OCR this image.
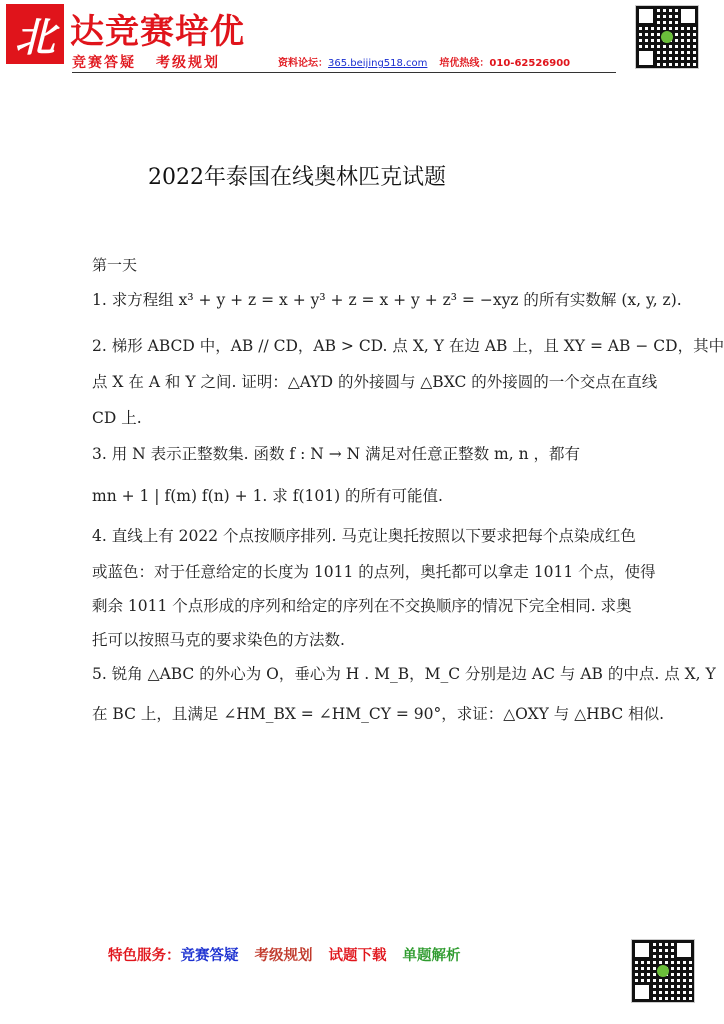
北 达竞赛培优
竞赛答疑 考级规划	资料论坛：365.beijing518.com 培优热线：010-62526900
2022年泰国在线奥林匹克试题
第一天
1. 求方程组 x³ + y + z = x + y³ + z = x + y + z³ = −xyz 的所有实数解 (x, y, z).
2. 梯形 ABCD 中，AB // CD，AB > CD. 点 X, Y 在边 AB 上，且 XY = AB − CD，其中
点 X 在 A 和 Y 之间. 证明：△AYD 的外接圆与 △BXC 的外接圆的一个交点在直线
CD 上.
3. 用 N 表示正整数集. 函数 f : N → N 满足对任意正整数 m, n ，都有
mn + 1 | f(m) f(n) + 1. 求 f(101) 的所有可能值.
4. 直线上有 2022 个点按顺序排列. 马克让奥托按照以下要求把每个点染成红色
或蓝色：对于任意给定的长度为 1011 的点列，奥托都可以拿走 1011 个点，使得
剩余 1011 个点形成的序列和给定的序列在不交换顺序的情况下完全相同. 求奥
托可以按照马克的要求染色的方法数.
5. 锐角 △ABC 的外心为 O，垂心为 H . M_B，M_C 分别是边 AC 与 AB 的中点. 点 X, Y
在 BC 上，且满足 ∠HM_BX = ∠HM_CY = 90°，求证：△OXY 与 △HBC 相似.
特色服务：竞赛答疑 考级规划 试题下载 单题解析
